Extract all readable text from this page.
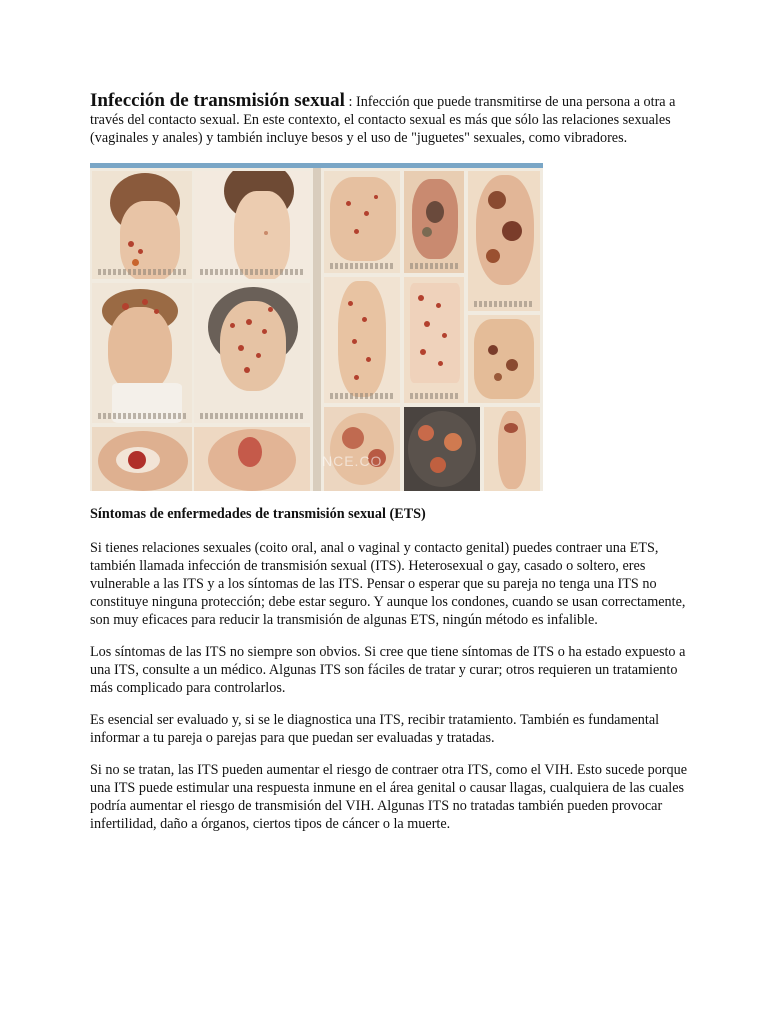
Infección de transmisión sexual : Infección que puede transmitirse de una persona a otra a través del contacto sexual. En este contexto, el contacto sexual es más que sólo las relaciones sexuales (vaginales y anales) y también incluye besos y el uso de "juguetes" sexuales, como vibradores.

NCE.CO
Síntomas de enfermedades de transmisión sexual (ETS)

Si tienes relaciones sexuales (coito oral, anal o vaginal y contacto genital) puedes contraer una ETS, también llamada infección de transmisión sexual (ITS). Heterosexual o gay, casado o soltero, eres vulnerable a las ITS y a los síntomas de las ITS. Pensar o esperar que su pareja no tenga una ITS no constituye ninguna protección; debe estar seguro. Y aunque los condones, cuando se usan correctamente, son muy eficaces para reducir la transmisión de algunas ETS, ningún método es infalible.

Los síntomas de las ITS no siempre son obvios. Si cree que tiene síntomas de ITS o ha estado expuesto a una ITS, consulte a un médico. Algunas ITS son fáciles de tratar y curar; otros requieren un tratamiento más complicado para controlarlos.

Es esencial ser evaluado y, si se le diagnostica una ITS, recibir tratamiento. También es fundamental informar a tu pareja o parejas para que puedan ser evaluadas y tratadas.

Si no se tratan, las ITS pueden aumentar el riesgo de contraer otra ITS, como el VIH. Esto sucede porque una ITS puede estimular una respuesta inmune en el área genital o causar llagas, cualquiera de las cuales podría aumentar el riesgo de transmisión del VIH. Algunas ITS no tratadas también pueden provocar infertilidad, daño a órganos, ciertos tipos de cáncer o la muerte.
